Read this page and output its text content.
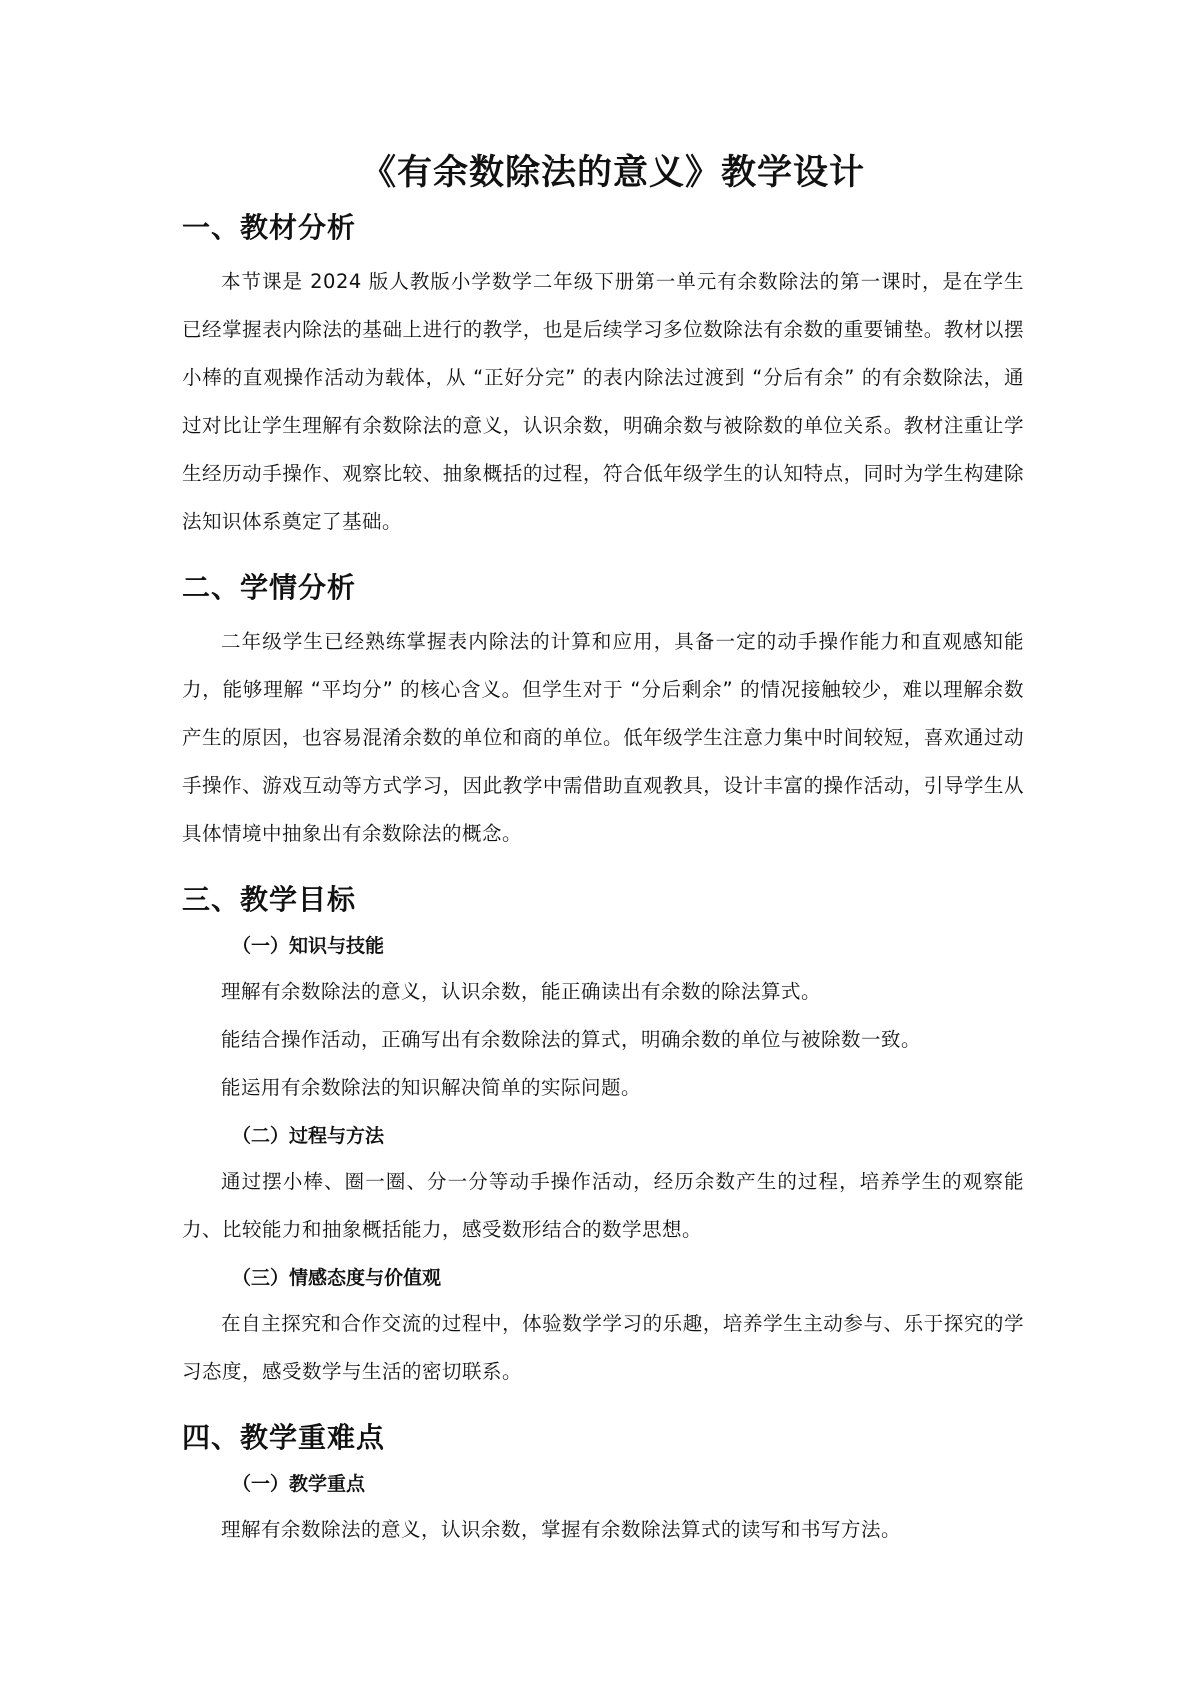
《有余数除法的意义》教学设计
一、教材分析

本节课是 2024 版人教版小学数学二年级下册第一单元有余数除法的第一课时，是在学生已经掌握表内除法的基础上进行的教学，也是后续学习多位数除法有余数的重要铺垫。教材以摆小棒的直观操作活动为载体，从 “正好分完” 的表内除法过渡到 “分后有余” 的有余数除法，通过对比让学生理解有余数除法的意义，认识余数，明确余数与被除数的单位关系。教材注重让学生经历动手操作、观察比较、抽象概括的过程，符合低年级学生的认知特点，同时为学生构建除法知识体系奠定了基础。

二、学情分析

二年级学生已经熟练掌握表内除法的计算和应用，具备一定的动手操作能力和直观感知能力，能够理解 “平均分” 的核心含义。但学生对于 “分后剩余” 的情况接触较少，难以理解余数产生的原因，也容易混淆余数的单位和商的单位。低年级学生注意力集中时间较短，喜欢通过动手操作、游戏互动等方式学习，因此教学中需借助直观教具，设计丰富的操作活动，引导学生从具体情境中抽象出有余数除法的概念。

三、教学目标
（一）知识与技能

理解有余数除法的意义，认识余数，能正确读出有余数的除法算式。

能结合操作活动，正确写出有余数除法的算式，明确余数的单位与被除数一致。

能运用有余数除法的知识解决简单的实际问题。

（二）过程与方法

通过摆小棒、圈一圈、分一分等动手操作活动，经历余数产生的过程，培养学生的观察能力、比较能力和抽象概括能力，感受数形结合的数学思想。

（三）情感态度与价值观

在自主探究和合作交流的过程中，体验数学学习的乐趣，培养学生主动参与、乐于探究的学习态度，感受数学与生活的密切联系。

四、教学重难点
（一）教学重点

理解有余数除法的意义，认识余数，掌握有余数除法算式的读写和书写方法。
